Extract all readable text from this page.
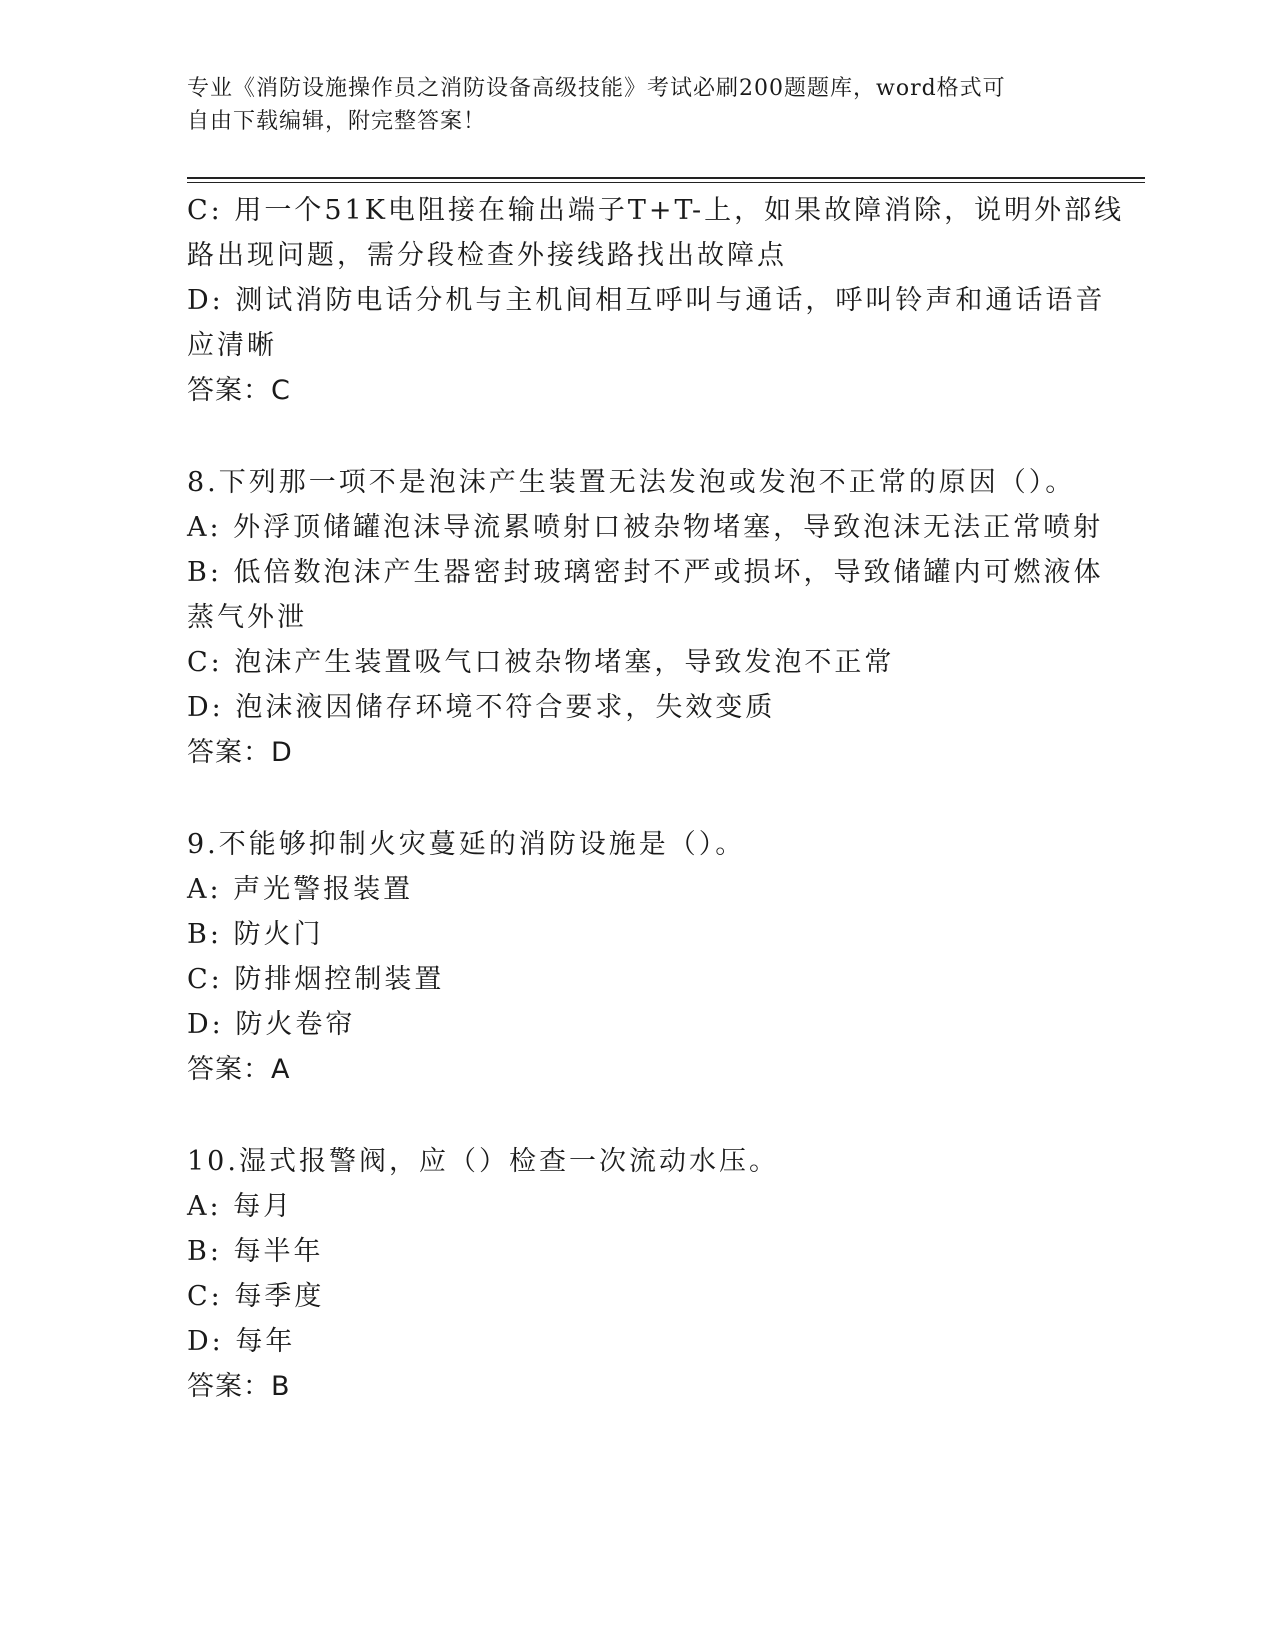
专业《消防设施操作员之消防设备高级技能》考试必刷200题题库，word格式可
自由下载编辑，附完整答案！
C: 用一个51K电阻接在输出端子T+T-上，如果故障消除，说明外部线
路出现问题，需分段检查外接线路找出故障点
D: 测试消防电话分机与主机间相互呼叫与通话，呼叫铃声和通话语音
应清晰
答案：C
8.下列那一项不是泡沫产生装置无法发泡或发泡不正常的原因（）。
A: 外浮顶储罐泡沫导流累喷射口被杂物堵塞，导致泡沫无法正常喷射
B: 低倍数泡沫产生器密封玻璃密封不严或损坏，导致储罐内可燃液体
蒸气外泄
C: 泡沫产生装置吸气口被杂物堵塞，导致发泡不正常
D: 泡沫液因储存环境不符合要求，失效变质
答案：D
9.不能够抑制火灾蔓延的消防设施是（）。
A: 声光警报装置
B: 防火门
C: 防排烟控制装置
D: 防火卷帘
答案：A
10.湿式报警阀，应（）检查一次流动水压。
A: 每月
B: 每半年
C: 每季度
D: 每年
答案：B
